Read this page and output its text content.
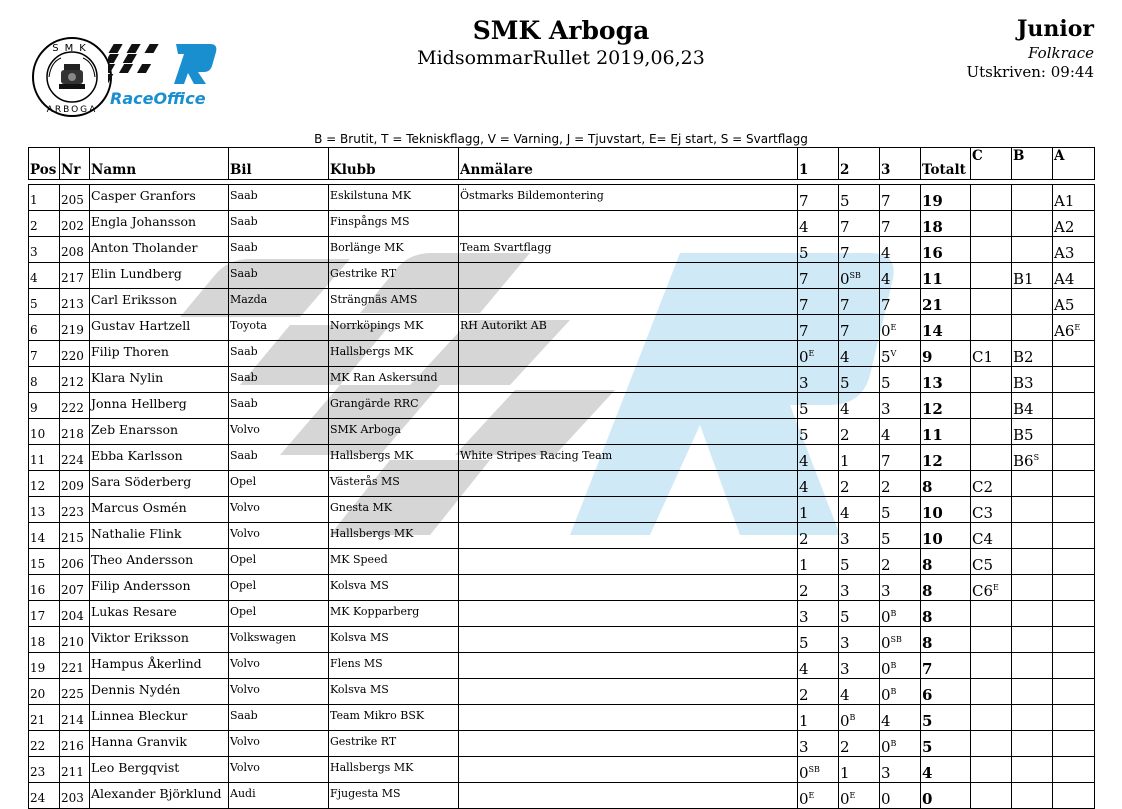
SMK
ARBOGA
RaceOffice
SMK Arboga
MidsommarRullet 2019,06,23
Junior
Folkrace
Utskriven: 09:44
B = Brutit, T = Tekniskflagg, V = Varning, J = Tjuvstart, E= Ej start, S = Svartflagg
Pos	Nr	Namn	Bil	Klubb	Anmälare	1	2	3	Totalt	C	B	A

1	205	Casper Granfors	Saab	Eskilstuna MK	Östmarks Bildemontering	7	5	7	19			A1
2	202	Engla Johansson	Saab	Finspångs MS		4	7	7	18			A2
3	208	Anton Tholander	Saab	Borlänge MK	Team Svartflagg	5	7	4	16			A3
4	217	Elin Lundberg	Saab	Gestrike RT		7	$0^{SB}$	4	11		B1	A4
5	213	Carl Eriksson	Mazda	Strängnäs AMS		7	7	7	21			A5
6	219	Gustav Hartzell	Toyota	Norrköpings MK	RH Autorikt AB	7	7	$0^E$	14			$A6^E$
7	220	Filip Thoren	Saab	Hallsbergs MK		$0^E$	4	$5^V$	9	C1	B2	
8	212	Klara Nylin	Saab	MK Ran Askersund		3	5	5	13		B3	
9	222	Jonna Hellberg	Saab	Grangärde RRC		5	4	3	12		B4	
10	218	Zeb Enarsson	Volvo	SMK Arboga		5	2	4	11		B5	
11	224	Ebba Karlsson	Saab	Hallsbergs MK	White Stripes Racing Team	4	1	7	12		$B6^S$	
12	209	Sara Söderberg	Opel	Västerås MS		4	2	2	8	C2		
13	223	Marcus Osmén	Volvo	Gnesta MK		1	4	5	10	C3		
14	215	Nathalie Flink	Volvo	Hallsbergs MK		2	3	5	10	C4		
15	206	Theo Andersson	Opel	MK Speed		1	5	2	8	C5		
16	207	Filip Andersson	Opel	Kolsva MS		2	3	3	8	$C6^E$		
17	204	Lukas Resare	Opel	MK Kopparberg		3	5	$0^B$	8			
18	210	Viktor Eriksson	Volkswagen	Kolsva MS		5	3	$0^{SB}$	8			
19	221	Hampus Åkerlind	Volvo	Flens MS		4	3	$0^B$	7			
20	225	Dennis Nydén	Volvo	Kolsva MS		2	4	$0^B$	6			
21	214	Linnea Bleckur	Saab	Team Mikro BSK		1	$0^B$	4	5			
22	216	Hanna Granvik	Volvo	Gestrike RT		3	2	$0^B$	5			
23	211	Leo Bergqvist	Volvo	Hallsbergs MK		$0^{SB}$	1	3	4			
24	203	Alexander Björklund	Audi	Fjugesta MS		$0^E$	$0^E$	0	0			
